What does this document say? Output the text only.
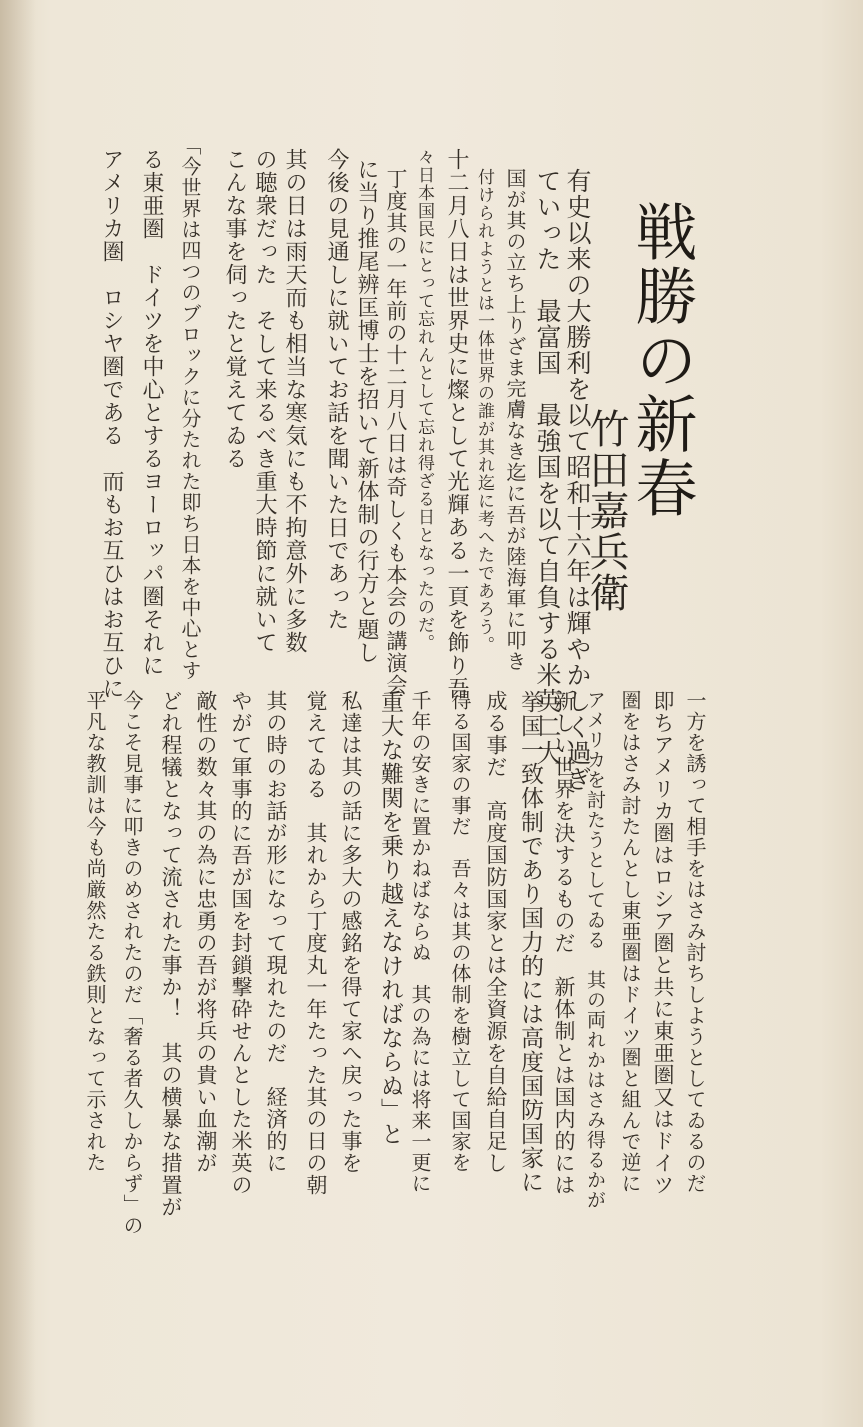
戦勝の新春
竹田嘉兵衛
有史以来の大勝利を以て昭和十六年は輝やかしく過ぎ
ていった　最富国　最強国を以て自負する米英二大
国が其の立ち上りざま完膚なき迄に吾が陸海軍に叩き
付けられようとは一体世界の誰が其れ迄に考へたであろう。
十二月八日は世界史に燦として光輝ある一頁を飾り吾
々日本国民にとって忘れんとして忘れ得ざる日となったのだ。
丁度其の一年前の十二月八日は奇しくも本会の講演会
に当り推尾辨匡博士を招いて新体制の行方と題し
今後の見通しに就いてお話を聞いた日であった
其の日は雨天而も相当な寒気にも不拘意外に多数
の聴衆だった　そして来るべき重大時節に就いて
こんな事を伺ったと覚えてゐる
「今世界は四つのブロックに分たれた即ち日本を中心とす
る東亜圏　ドイツを中心とするヨーロッパ圏それに
アメリカ圏　ロシヤ圏である　而もお互ひはお互ひに
一方を誘って相手をはさみ討ちしようとしてゐるのだ
即ちアメリカ圏はロシア圏と共に東亜圏又はドイツ
圏をはさみ討たんとし東亜圏はドイツ圏と組んで逆に
アメリカを討たうとしてゐる　其の両れかはさみ得るかが
新しい世界を決するものだ　新体制とは国内的には
挙国一致体制であり国力的には高度国防国家に
成る事だ　高度国防国家とは全資源を自給自足し
得る国家の事だ　吾々は其の体制を樹立して国家を
千年の安きに置かねばならぬ　其の為には将来一更に
重大な難関を乗り越えなければならぬ」と
私達は其の話に多大の感銘を得て家へ戻った事を
覚えてゐる　其れから丁度丸一年たった其の日の朝
其の時のお話が形になって現れたのだ　経済的に
やがて軍事的に吾が国を封鎖撃砕せんとした米英の
敵性の数々其の為に忠勇の吾が将兵の貴い血潮が
どれ程犠となって流された事か！　其の横暴な措置が
今こそ見事に叩きのめされたのだ「奢る者久しからず」の
平凡な教訓は今も尚厳然たる鉄則となって示された
